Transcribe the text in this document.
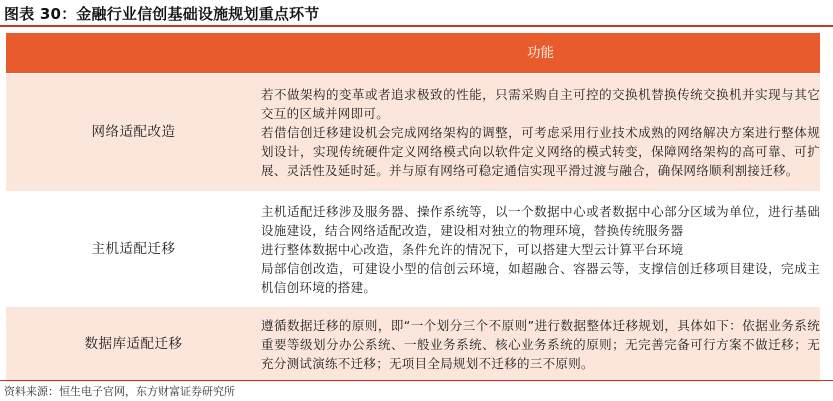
图表 30：金融行业信创基础设施规划重点环节
	功能
网络适配改造	若不做架构的变革或者追求极致的性能，只需采购自主可控的交换机替换传统交换机并实现与其它交互的区域并网即可。
若借信创迁移建设机会完成网络架构的调整，可考虑采用行业技术成熟的网络解决方案进行整体规划设计，实现传统硬件定义网络模式向以软件定义网络的模式转变，保障网络架构的高可靠、可扩展、灵活性及延时延。并与原有网络可稳定通信实现平滑过渡与融合，确保网络顺利割接迁移。

主机适配迁移	主机适配迁移涉及服务器、操作系统等，以一个数据中心或者数据中心部分区域为单位，进行基础设施建设，结合网络适配改造，建设相对独立的物理环境，替换传统服务器
进行整体数据中心改造，条件允许的情况下，可以搭建大型云计算平台环境
局部信创改造，可建设小型的信创云环境，如超融合、容器云等，支撑信创迁移项目建设，完成主机信创环境的搭建。

数据库适配迁移	遵循数据迁移的原则，即“一个划分三个不原则”进行数据整体迁移规划，具体如下：依据业务系统重要等级划分办公系统、一般业务系统、核心业务系统的原则；无完善完备可行方案不做迁移；无充分测试演练不迁移；无项目全局规划不迁移的三不原则。
资料来源：恒生电子官网，东方财富证券研究所
